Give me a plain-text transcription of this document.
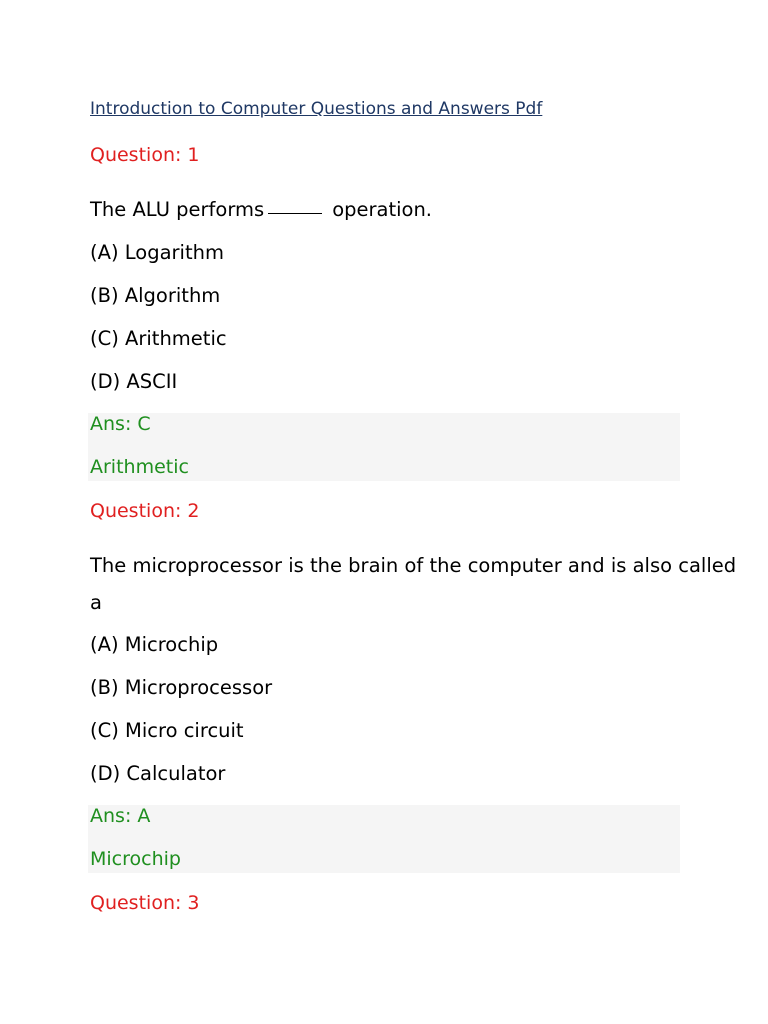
Introduction to Computer Questions and Answers Pdf
Question: 1
The ALU performs	operation.
(A) Logarithm
(B) Algorithm
(C) Arithmetic
(D) ASCII
Ans: C
Arithmetic
Question: 2
The microprocessor is the brain of the computer and is also called
a
(A) Microchip
(B) Microprocessor
(C) Micro circuit
(D) Calculator
Ans: A
Microchip
Question: 3
